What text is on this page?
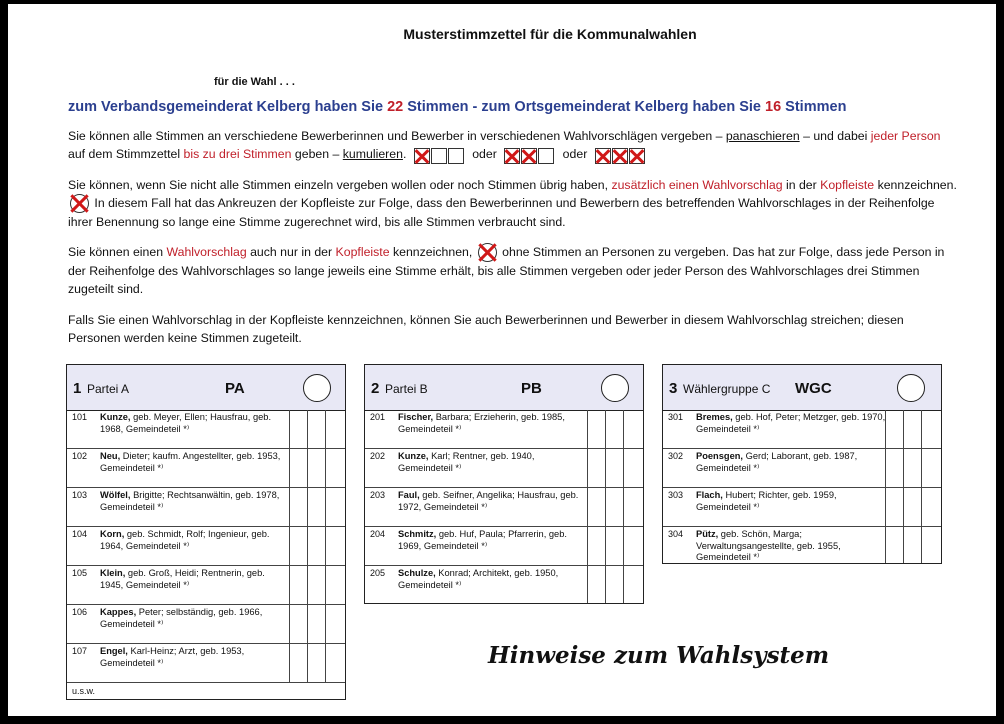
Musterstimmzettel für die Kommunalwahlen
für die Wahl . . .
zum Verbandsgemeinderat Kelberg haben Sie 22 Stimmen - zum Ortsgemeinderat Kelberg haben Sie 16 Stimmen
Sie können alle Stimmen an verschiedene Bewerberinnen und Bewerber in verschiedenen Wahlvorschlägen vergeben – panaschieren – und dabei jeder Person auf dem Stimmzettel bis zu drei Stimmen geben – kumulieren.	oder	oder
Sie können, wenn Sie nicht alle Stimmen einzeln vergeben wollen oder noch Stimmen übrig haben, zusätzlich einen Wahlvorschlag in der Kopfleiste kennzeichnen.  In diesem Fall hat das Ankreuzen der Kopfleiste zur Folge, dass den Bewerberinnen und Bewerbern des betreffenden Wahlvorschlages in der Reihenfolge ihrer Benennung so lange eine Stimme zugerechnet wird, bis alle Stimmen verbraucht sind.
Sie können einen Wahlvorschlag auch nur in der Kopfleiste kennzeichnen,  ohne Stimmen an Personen zu vergeben. Das hat zur Folge, dass jede Person in der Reihenfolge des Wahlvorschlages so lange jeweils eine Stimme erhält, bis alle Stimmen vergeben oder jeder Person des Wahlvorschlages drei Stimmen zugeteilt sind.
Falls Sie einen Wahlvorschlag in der Kopfleiste kennzeichnen, können Sie auch Bewerberinnen und Bewerber in diesem Wahlvorschlag streichen; diesen Personen werden keine Stimmen zugeteilt.
1 Partei A	PA
101 Kunze, geb. Meyer, Ellen; Hausfrau, geb. 1968, Gemeindeteil *⁾
102 Neu, Dieter; kaufm. Angestellter, geb. 1953, Gemeindeteil *⁾
103 Wölfel, Brigitte; Rechtsanwältin, geb. 1978, Gemeindeteil *⁾
104 Korn, geb. Schmidt, Rolf; Ingenieur, geb. 1964, Gemeindeteil *⁾
105 Klein, geb. Groß, Heidi; Rentnerin, geb. 1945, Gemeindeteil *⁾
106 Kappes, Peter; selbständig, geb. 1966, Gemeindeteil *⁾
107 Engel, Karl-Heinz; Arzt, geb. 1953, Gemeindeteil *⁾
u.s.w.
2 Partei B	PB
201 Fischer, Barbara; Erzieherin, geb. 1985, Gemeindeteil *⁾
202 Kunze, Karl; Rentner, geb. 1940, Gemeindeteil *⁾
203 Faul, geb. Seifner, Angelika; Hausfrau, geb. 1972, Gemeindeteil *⁾
204 Schmitz, geb. Huf, Paula; Pfarrerin, geb. 1969, Gemeindeteil *⁾
205 Schulze, Konrad; Architekt, geb. 1950, Gemeindeteil *⁾
3 Wählergruppe C WGC
301 Bremes, geb. Hof, Peter; Metzger, geb. 1970, Gemeindeteil *⁾
302 Poensgen, Gerd; Laborant, geb. 1987, Gemeindeteil *⁾
303 Flach, Hubert; Richter, geb. 1959, Gemeindeteil *⁾
304 Pütz, geb. Schön, Marga; Verwaltungsangestellte, geb. 1955, Gemeindeteil *⁾
Hinweise zum Wahlsystem
